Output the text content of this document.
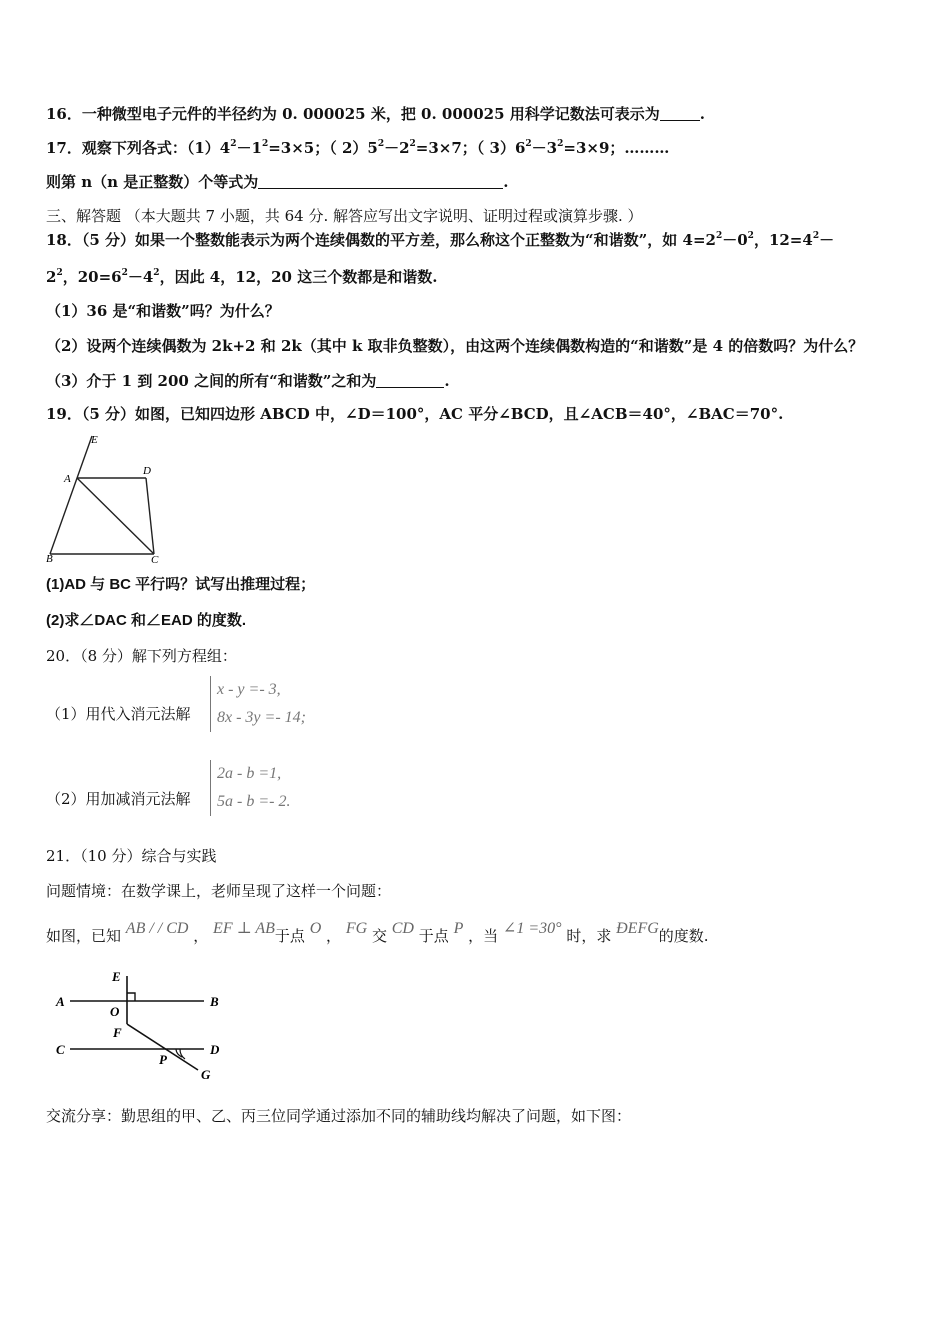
16．一种微型电子元件的半径约为 0. 000025 米，把 0. 000025 用科学记数法可表示为	.
17．观察下列各式：$(1)4^2-1^2=3\times 5$；（ $2)5^2-2^2=3\times 7$；（ $3)6^2-3^2=3\times 9$；………
则第 n（n 是正整数）个等式为	.
三、解答题 （本大题共 7 小题，共 64 分. 解答应写出文字说明、证明过程或演算步骤. ）
18．（5 分）如果一个整数能表示为两个连续偶数的平方差，那么称这个正整数为“和谐数”，如 $4=2^2-0^2$，$12=4^2-$
$2^2$，$20=6^2-4^2$，因此 4，12，20 这三个数都是和谐数.
（1）36 是“和谐数”吗？为什么？
（2）设两个连续偶数为 2k+2 和 2k（其中 k 取非负整数），由这两个连续偶数构造的“和谐数”是 4 的倍数吗？为什么？
（3）介于 1 到 200 之间的所有“和谐数”之和为	.
19．（5 分）如图，已知四边形 ABCD 中，∠D＝100°，AC 平分∠BCD，且∠ACB＝40°，∠BAC＝70°.
E
A
D
B	C
(1)AD 与 BC 平行吗？试写出推理过程；
(2)求∠DAC 和∠EAD 的度数.
20．（8 分）解下列方程组：
（1）用代入消元法解
x - y =- 3,
8x - 3y =- 14;
（2）用加减消元法解
2a - b =1,
5a - b =- 2.
21．（10 分）综合与实践
问题情境：在数学课上，老师呈现了这样一个问题：
如图，已知 AB / / CD ， EF ⊥ AB于点 O ， FG 交 CD 于点 P ，当 ∠1 =30° 时，求 ÐEFG的度数.
E
A	B
O
F
C	D
P
G
交流分享：勤思组的甲、乙、丙三位同学通过添加不同的辅助线均解决了问题，如下图：
